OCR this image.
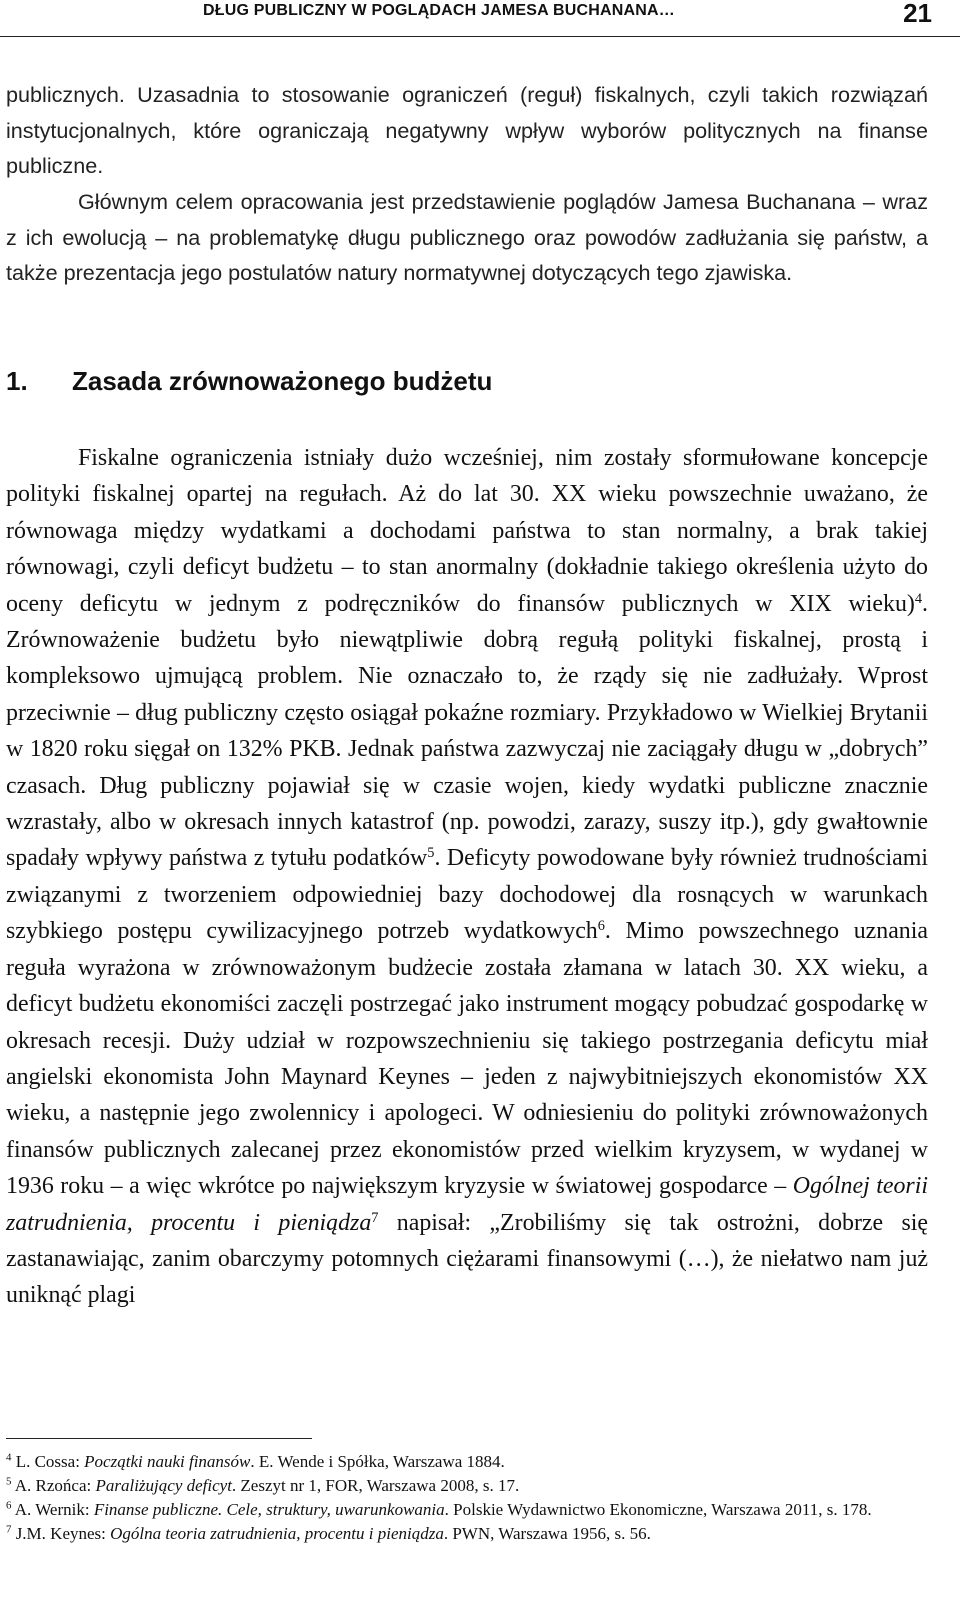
DŁUG PUBLICZNY W POGLĄDACH JAMESA BUCHANANA…	21

publicznych. Uzasadnia to stosowanie ograniczeń (reguł) fiskalnych, czyli takich rozwiązań instytucjonalnych, które ograniczają negatywny wpływ wyborów politycznych na finanse publiczne.

Głównym celem opracowania jest przedstawienie poglądów Jamesa Buchanana – wraz z ich ewolucją – na problematykę długu publicznego oraz powodów zadłużania się państw, a także prezentacja jego postulatów natury normatywnej dotyczących tego zjawiska.

1. Zasada zrównoważonego budżetu

Fiskalne ograniczenia istniały dużo wcześniej, nim zostały sformułowane koncepcje polityki fiskalnej opartej na regułach. Aż do lat 30. XX wieku powszechnie uważano, że równowaga między wydatkami a dochodami państwa to stan normalny, a brak takiej równowagi, czyli deficyt budżetu – to stan anormalny (dokładnie takiego określenia użyto do oceny deficytu w jednym z podręczników do finansów publicznych w XIX wieku)$^4$. Zrównoważenie budżetu było niewątpliwie dobrą regułą polityki fiskalnej, prostą i kompleksowo ujmującą problem. Nie oznaczało to, że rządy się nie zadłużały. Wprost przeciwnie – dług publiczny często osiągał pokaźne rozmiary. Przykładowo w Wielkiej Brytanii w 1820 roku sięgał on 132% PKB. Jednak państwa zazwyczaj nie zaciągały długu w „dobrych” czasach. Dług publiczny pojawiał się w czasie wojen, kiedy wydatki publiczne znacznie wzrastały, albo w okresach innych katastrof (np. powodzi, zarazy, suszy itp.), gdy gwałtownie spadały wpływy państwa z tytułu podatków$^5$. Deficyty powodowane były również trudnościami związanymi z tworzeniem odpowiedniej bazy dochodowej dla rosnących w warunkach szybkiego postępu cywilizacyjnego potrzeb wydatkowych$^6$. Mimo powszechnego uznania reguła wyrażona w zrównoważonym budżecie została złamana w latach 30. XX wieku, a deficyt budżetu ekonomiści zaczęli postrzegać jako instrument mogący pobudzać gospodarkę w okresach recesji. Duży udział w rozpowszechnieniu się takiego postrzegania deficytu miał angielski ekonomista John Maynard Keynes – jeden z najwybitniejszych ekonomistów XX wieku, a następnie jego zwolennicy i apologeci. W odniesieniu do polityki zrównoważonych finansów publicznych zalecanej przez ekonomistów przed wielkim kryzysem, w wydanej w 1936 roku – a więc wkrótce po największym kryzysie w światowej gospodarce – Ogólnej teorii zatrudnienia, procentu i pieniądza$^7$ napisał: „Zrobiliśmy się tak ostrożni, dobrze się zastanawiając, zanim obarczymy potomnych ciężarami finansowymi (…), że niełatwo nam już uniknąć plagi

$^4$ L. Cossa: Początki nauki finansów. E. Wende i Spółka, Warszawa 1884.

$^5$ A. Rzońca: Paraliżujący deficyt. Zeszyt nr 1, FOR, Warszawa 2008, s. 17.

$^6$ A. Wernik: Finanse publiczne. Cele, struktury, uwarunkowania. Polskie Wydawnictwo Ekonomiczne, Warszawa 2011, s. 178.

$^7$ J.M. Keynes: Ogólna teoria zatrudnienia, procentu i pieniądza. PWN, Warszawa 1956, s. 56.
